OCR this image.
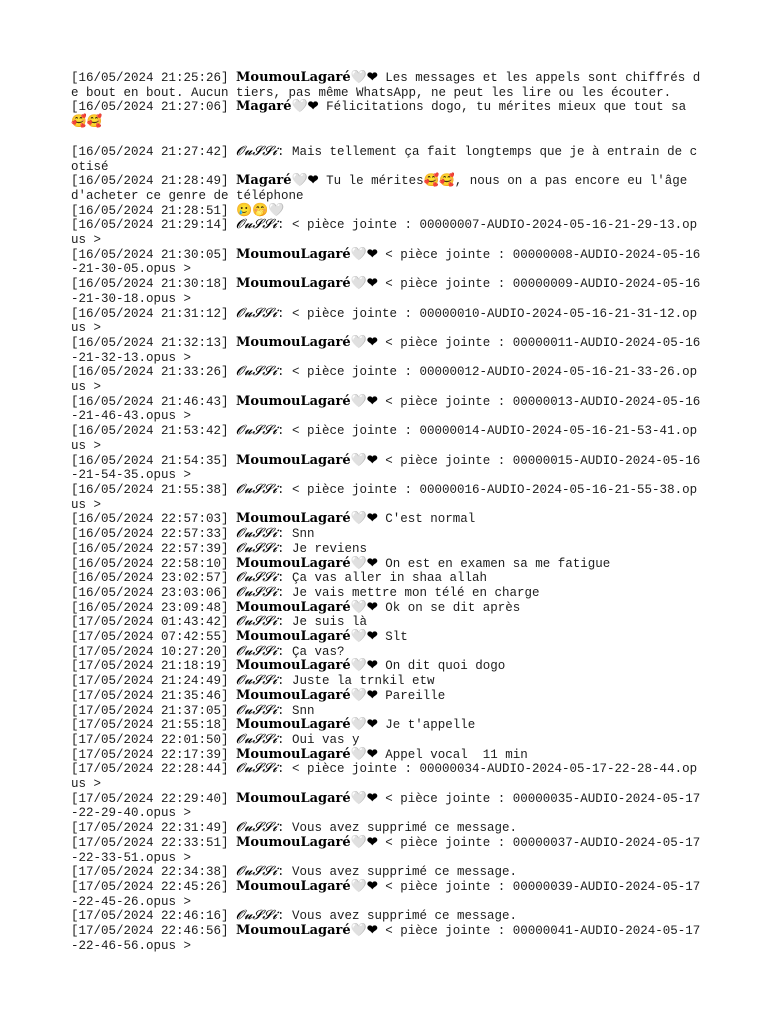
[16/05/2024 21:25:26] MoumouLagaré🤍❤ Les messages et les appels sont chiffrés de bout en bout. Aucun tiers, pas même WhatsApp, ne peut les lire ou les écouter.

[16/05/2024 21:27:06] Magaré🤍❤ Félicitations dogo, tu mérites mieux que tout sa🥰🥰

[16/05/2024 21:27:42] 𝓞𝓾𝓢𝓢𝓲: Mais tellement ça fait longtemps que je à entrain de cotisé

[16/05/2024 21:28:49] Magaré🤍❤ Tu le mérites🥰🥰, nous on a pas encore eu l'âge d'acheter ce genre de téléphone

[16/05/2024 21:28:51] 🥲🤭🤍

[16/05/2024 21:29:14] 𝓞𝓾𝓢𝓢𝓲: < pièce jointe : 00000007-AUDIO-2024-05-16-21-29-13.opus >

[16/05/2024 21:30:05] MoumouLagaré🤍❤ < pièce jointe : 00000008-AUDIO-2024-05-16-21-30-05.opus >

[16/05/2024 21:30:18] MoumouLagaré🤍❤ < pièce jointe : 00000009-AUDIO-2024-05-16-21-30-18.opus >

[16/05/2024 21:31:12] 𝓞𝓾𝓢𝓢𝓲: < pièce jointe : 00000010-AUDIO-2024-05-16-21-31-12.opus >

[16/05/2024 21:32:13] MoumouLagaré🤍❤ < pièce jointe : 00000011-AUDIO-2024-05-16-21-32-13.opus >

[16/05/2024 21:33:26] 𝓞𝓾𝓢𝓢𝓲: < pièce jointe : 00000012-AUDIO-2024-05-16-21-33-26.opus >

[16/05/2024 21:46:43] MoumouLagaré🤍❤ < pièce jointe : 00000013-AUDIO-2024-05-16-21-46-43.opus >

[16/05/2024 21:53:42] 𝓞𝓾𝓢𝓢𝓲: < pièce jointe : 00000014-AUDIO-2024-05-16-21-53-41.opus >

[16/05/2024 21:54:35] MoumouLagaré🤍❤ < pièce jointe : 00000015-AUDIO-2024-05-16-21-54-35.opus >

[16/05/2024 21:55:38] 𝓞𝓾𝓢𝓢𝓲: < pièce jointe : 00000016-AUDIO-2024-05-16-21-55-38.opus >

[16/05/2024 22:57:03] MoumouLagaré🤍❤ C'est normal

[16/05/2024 22:57:33] 𝓞𝓾𝓢𝓢𝓲: Snn

[16/05/2024 22:57:39] 𝓞𝓾𝓢𝓢𝓲: Je reviens

[16/05/2024 22:58:10] MoumouLagaré🤍❤ On est en examen sa me fatigue

[16/05/2024 23:02:57] 𝓞𝓾𝓢𝓢𝓲: Ça vas aller in shaa allah

[16/05/2024 23:03:06] 𝓞𝓾𝓢𝓢𝓲: Je vais mettre mon télé en charge

[16/05/2024 23:09:48] MoumouLagaré🤍❤ Ok on se dit après

[17/05/2024 01:43:42] 𝓞𝓾𝓢𝓢𝓲: Je suis là

[17/05/2024 07:42:55] MoumouLagaré🤍❤ Slt

[17/05/2024 10:27:20] 𝓞𝓾𝓢𝓢𝓲: Ça vas?

[17/05/2024 21:18:19] MoumouLagaré🤍❤ On dit quoi dogo

[17/05/2024 21:24:49] 𝓞𝓾𝓢𝓢𝓲: Juste la trnkil etw

[17/05/2024 21:35:46] MoumouLagaré🤍❤ Pareille

[17/05/2024 21:37:05] 𝓞𝓾𝓢𝓢𝓲: Snn

[17/05/2024 21:55:18] MoumouLagaré🤍❤ Je t'appelle

[17/05/2024 22:01:50] 𝓞𝓾𝓢𝓢𝓲: Oui vas y

[17/05/2024 22:17:39] MoumouLagaré🤍❤ Appel vocal  11 min

[17/05/2024 22:28:44] 𝓞𝓾𝓢𝓢𝓲: < pièce jointe : 00000034-AUDIO-2024-05-17-22-28-44.opus >

[17/05/2024 22:29:40] MoumouLagaré🤍❤ < pièce jointe : 00000035-AUDIO-2024-05-17-22-29-40.opus >

[17/05/2024 22:31:49] 𝓞𝓾𝓢𝓢𝓲: Vous avez supprimé ce message.

[17/05/2024 22:33:51] MoumouLagaré🤍❤ < pièce jointe : 00000037-AUDIO-2024-05-17-22-33-51.opus >

[17/05/2024 22:34:38] 𝓞𝓾𝓢𝓢𝓲: Vous avez supprimé ce message.

[17/05/2024 22:45:26] MoumouLagaré🤍❤ < pièce jointe : 00000039-AUDIO-2024-05-17-22-45-26.opus >

[17/05/2024 22:46:16] 𝓞𝓾𝓢𝓢𝓲: Vous avez supprimé ce message.

[17/05/2024 22:46:56] MoumouLagaré🤍❤ < pièce jointe : 00000041-AUDIO-2024-05-17-22-46-56.opus >
